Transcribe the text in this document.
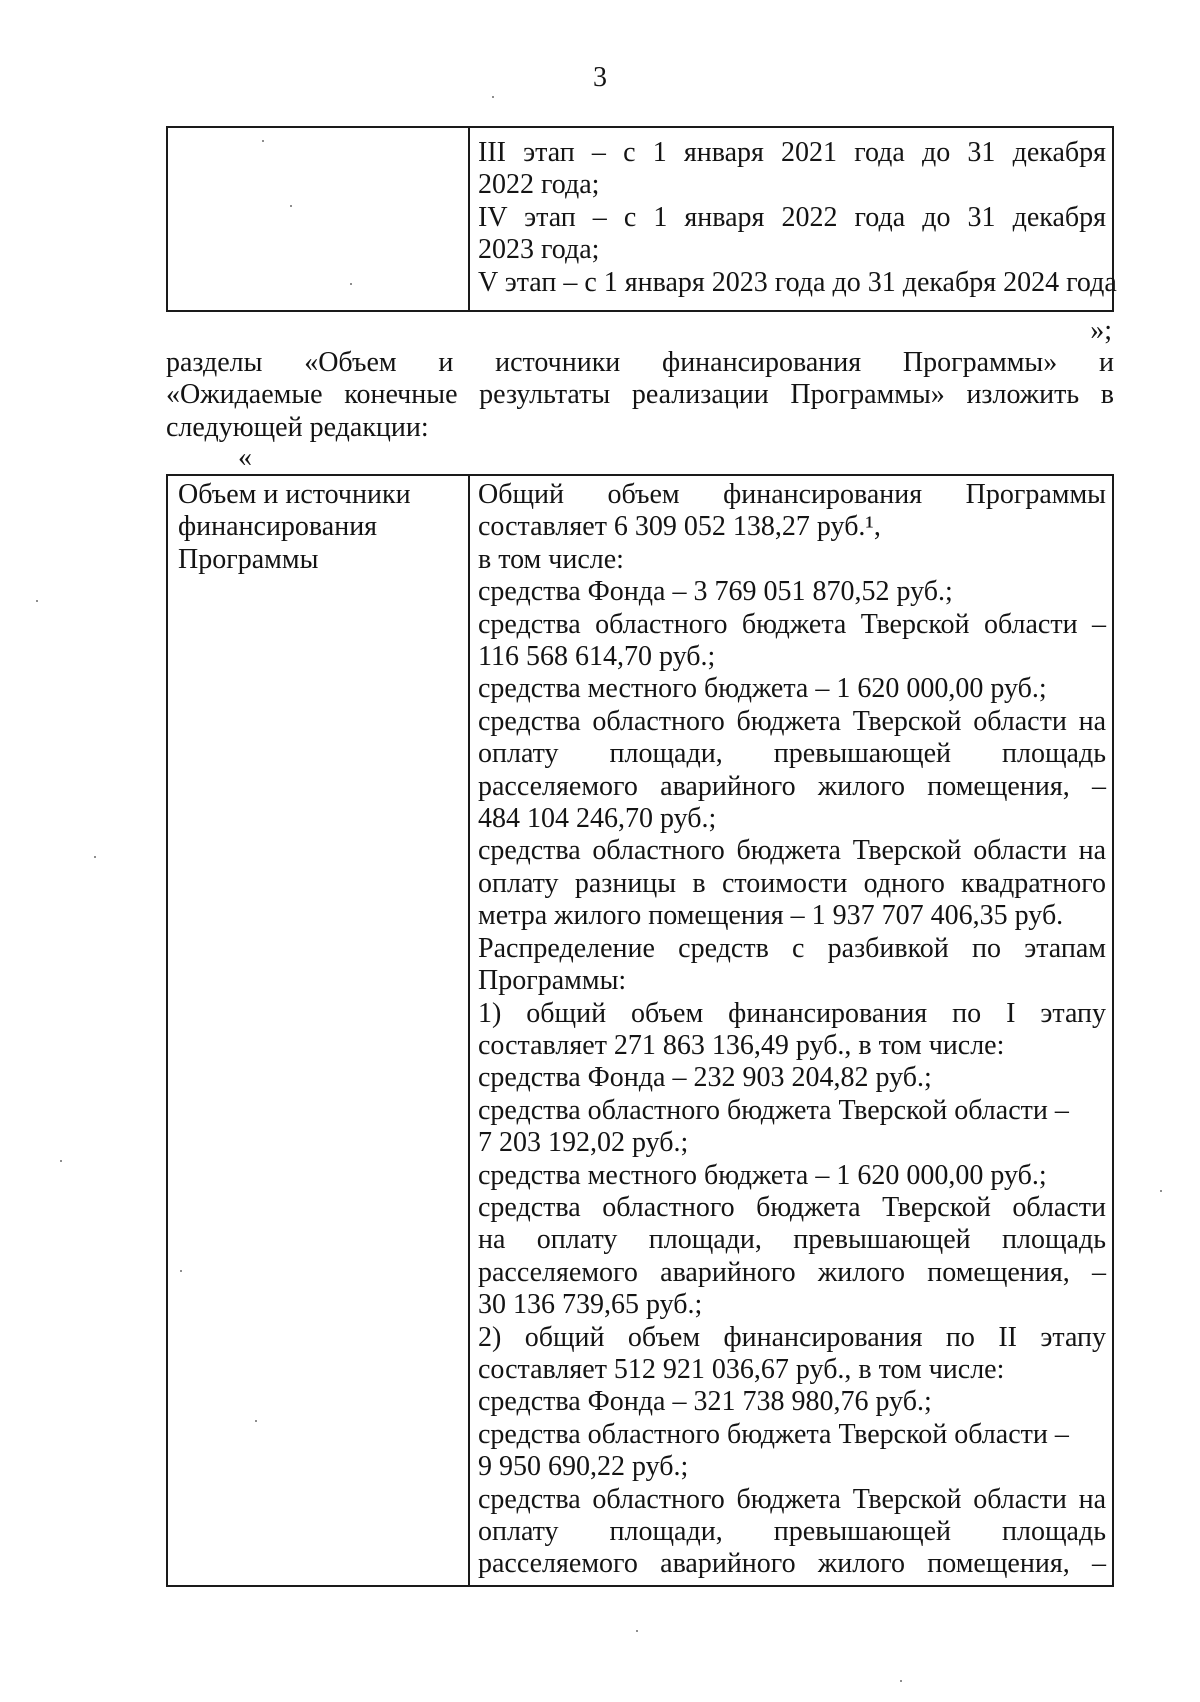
3
III этап – с 1 января 2021 года до 31 декабря
2022 года;
IV этап – с 1 января 2022 года до 31 декабря
2023 года;
V этап – с 1 января 2023 года до 31 декабря 2024 года
»;
разделы «Объем и источники финансирования Программы» и
«Ожидаемые конечные результаты реализации Программы» изложить в
следующей редакции:
«
Объем и источники
финансирования
Программы
Общий объем финансирования Программы
составляет 6 309 052 138,27 руб.¹,
в том числе:
средства Фонда – 3 769 051 870,52 руб.;
средства областного бюджета Тверской области –
116 568 614,70 руб.;
средства местного бюджета – 1 620 000,00 руб.;
средства областного бюджета Тверской области на
оплату площади, превышающей площадь
расселяемого аварийного жилого помещения, –
484 104 246,70 руб.;
средства областного бюджета Тверской области на
оплату разницы в стоимости одного квадратного
метра жилого помещения – 1 937 707 406,35 руб.
Распределение средств с разбивкой по этапам
Программы:
1) общий объем финансирования по I этапу
составляет 271 863 136,49 руб., в том числе:
средства Фонда – 232 903 204,82 руб.;
средства областного бюджета Тверской области –
7 203 192,02 руб.;
средства местного бюджета – 1 620 000,00 руб.;
средства областного бюджета Тверской области
на оплату площади, превышающей площадь
расселяемого аварийного жилого помещения, –
30 136 739,65 руб.;
2) общий объем финансирования по II этапу
составляет 512 921 036,67 руб., в том числе:
средства Фонда – 321 738 980,76 руб.;
средства областного бюджета Тверской области –
9 950 690,22 руб.;
средства областного бюджета Тверской области на
оплату площади, превышающей площадь
расселяемого аварийного жилого помещения, –
